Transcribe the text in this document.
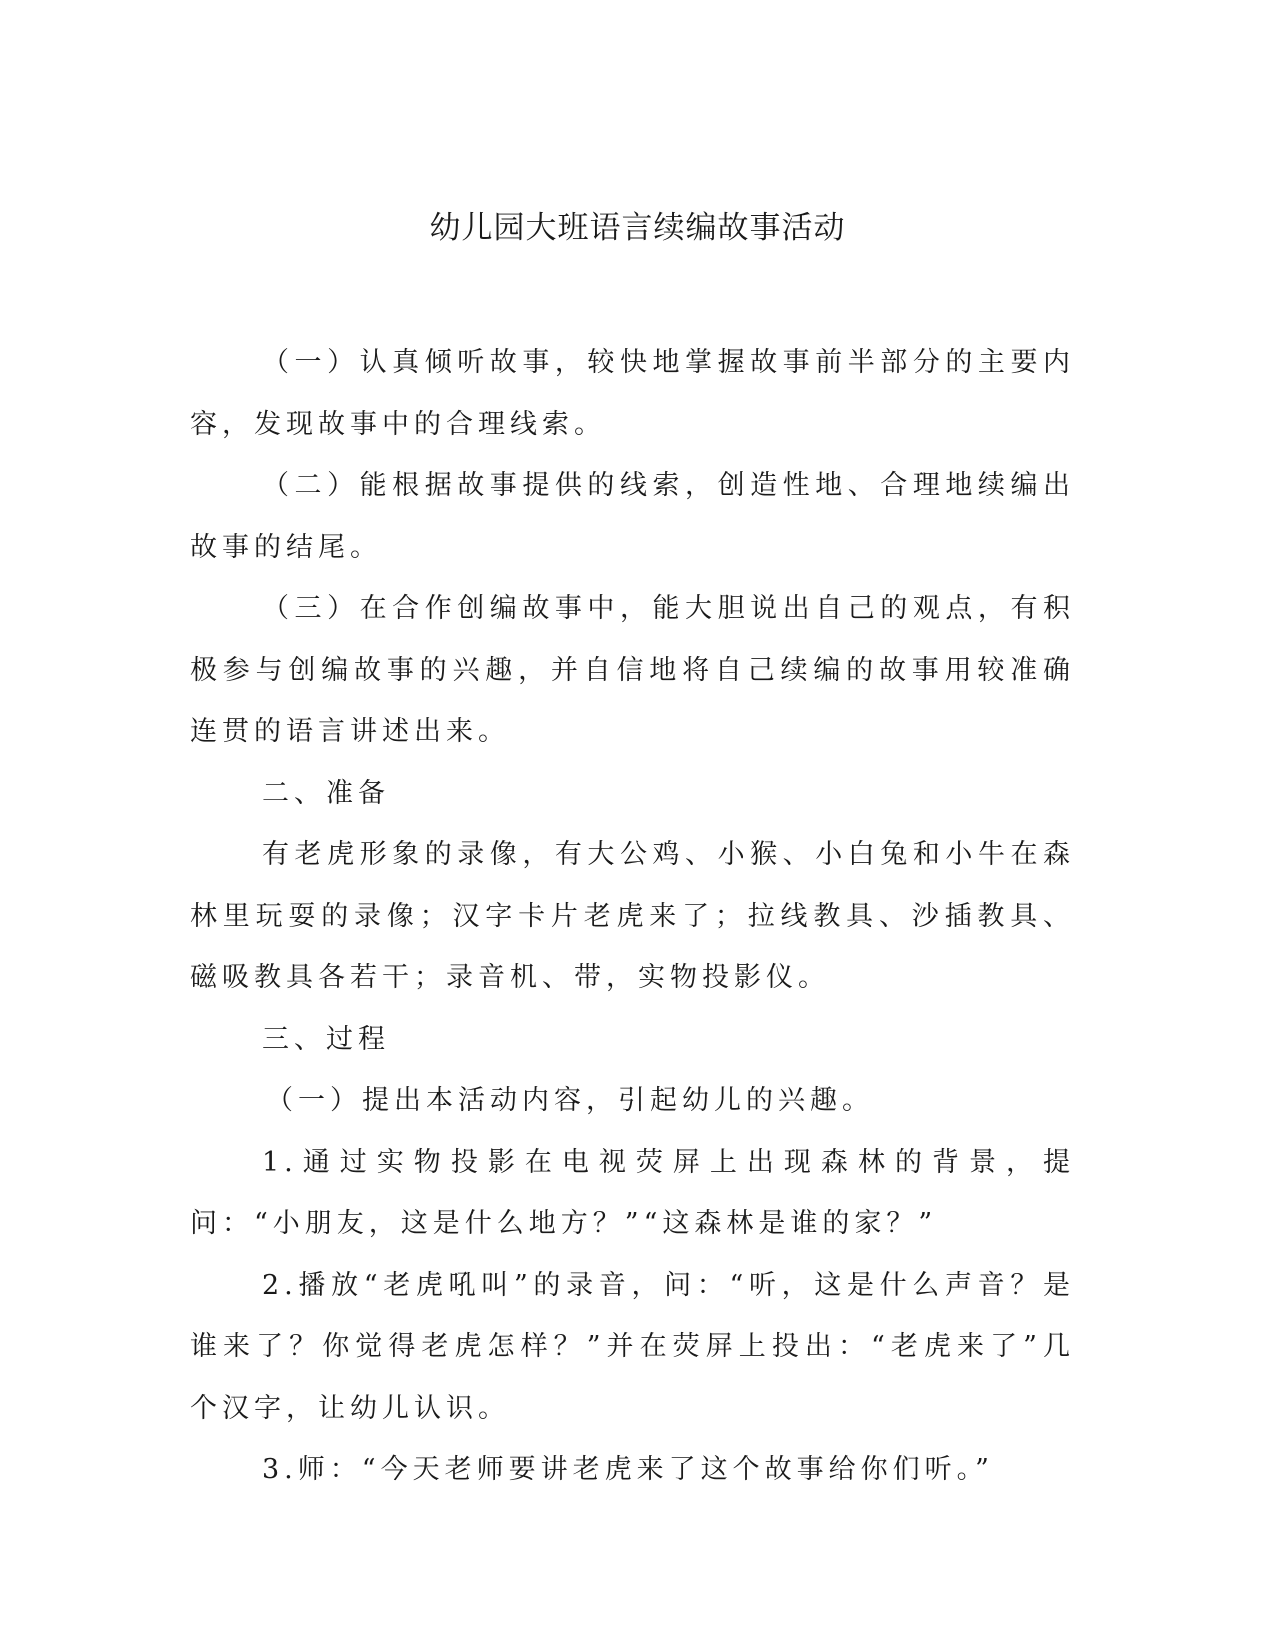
幼儿园大班语言续编故事活动

（一）认真倾听故事，较快地掌握故事前半部分的主要内容，发现故事中的合理线索。

（二）能根据故事提供的线索，创造性地、合理地续编出故事的结尾。

（三）在合作创编故事中，能大胆说出自己的观点，有积极参与创编故事的兴趣，并自信地将自己续编的故事用较准确连贯的语言讲述出来。

二、准备

有老虎形象的录像，有大公鸡、小猴、小白兔和小牛在森林里玩耍的录像；汉字卡片老虎来了；拉线教具、沙插教具、磁吸教具各若干；录音机、带，实物投影仪。

三、过程

（一）提出本活动内容，引起幼儿的兴趣。

1.通过实物投影在电视荧屏上出现森林的背景，提问：“小朋友，这是什么地方？”“这森林是谁的家？”

2.播放“老虎吼叫”的录音，问：“听，这是什么声音？是谁来了？你觉得老虎怎样？”并在荧屏上投出：“老虎来了”几个汉字，让幼儿认识。

3.师：“今天老师要讲老虎来了这个故事给你们听。”
